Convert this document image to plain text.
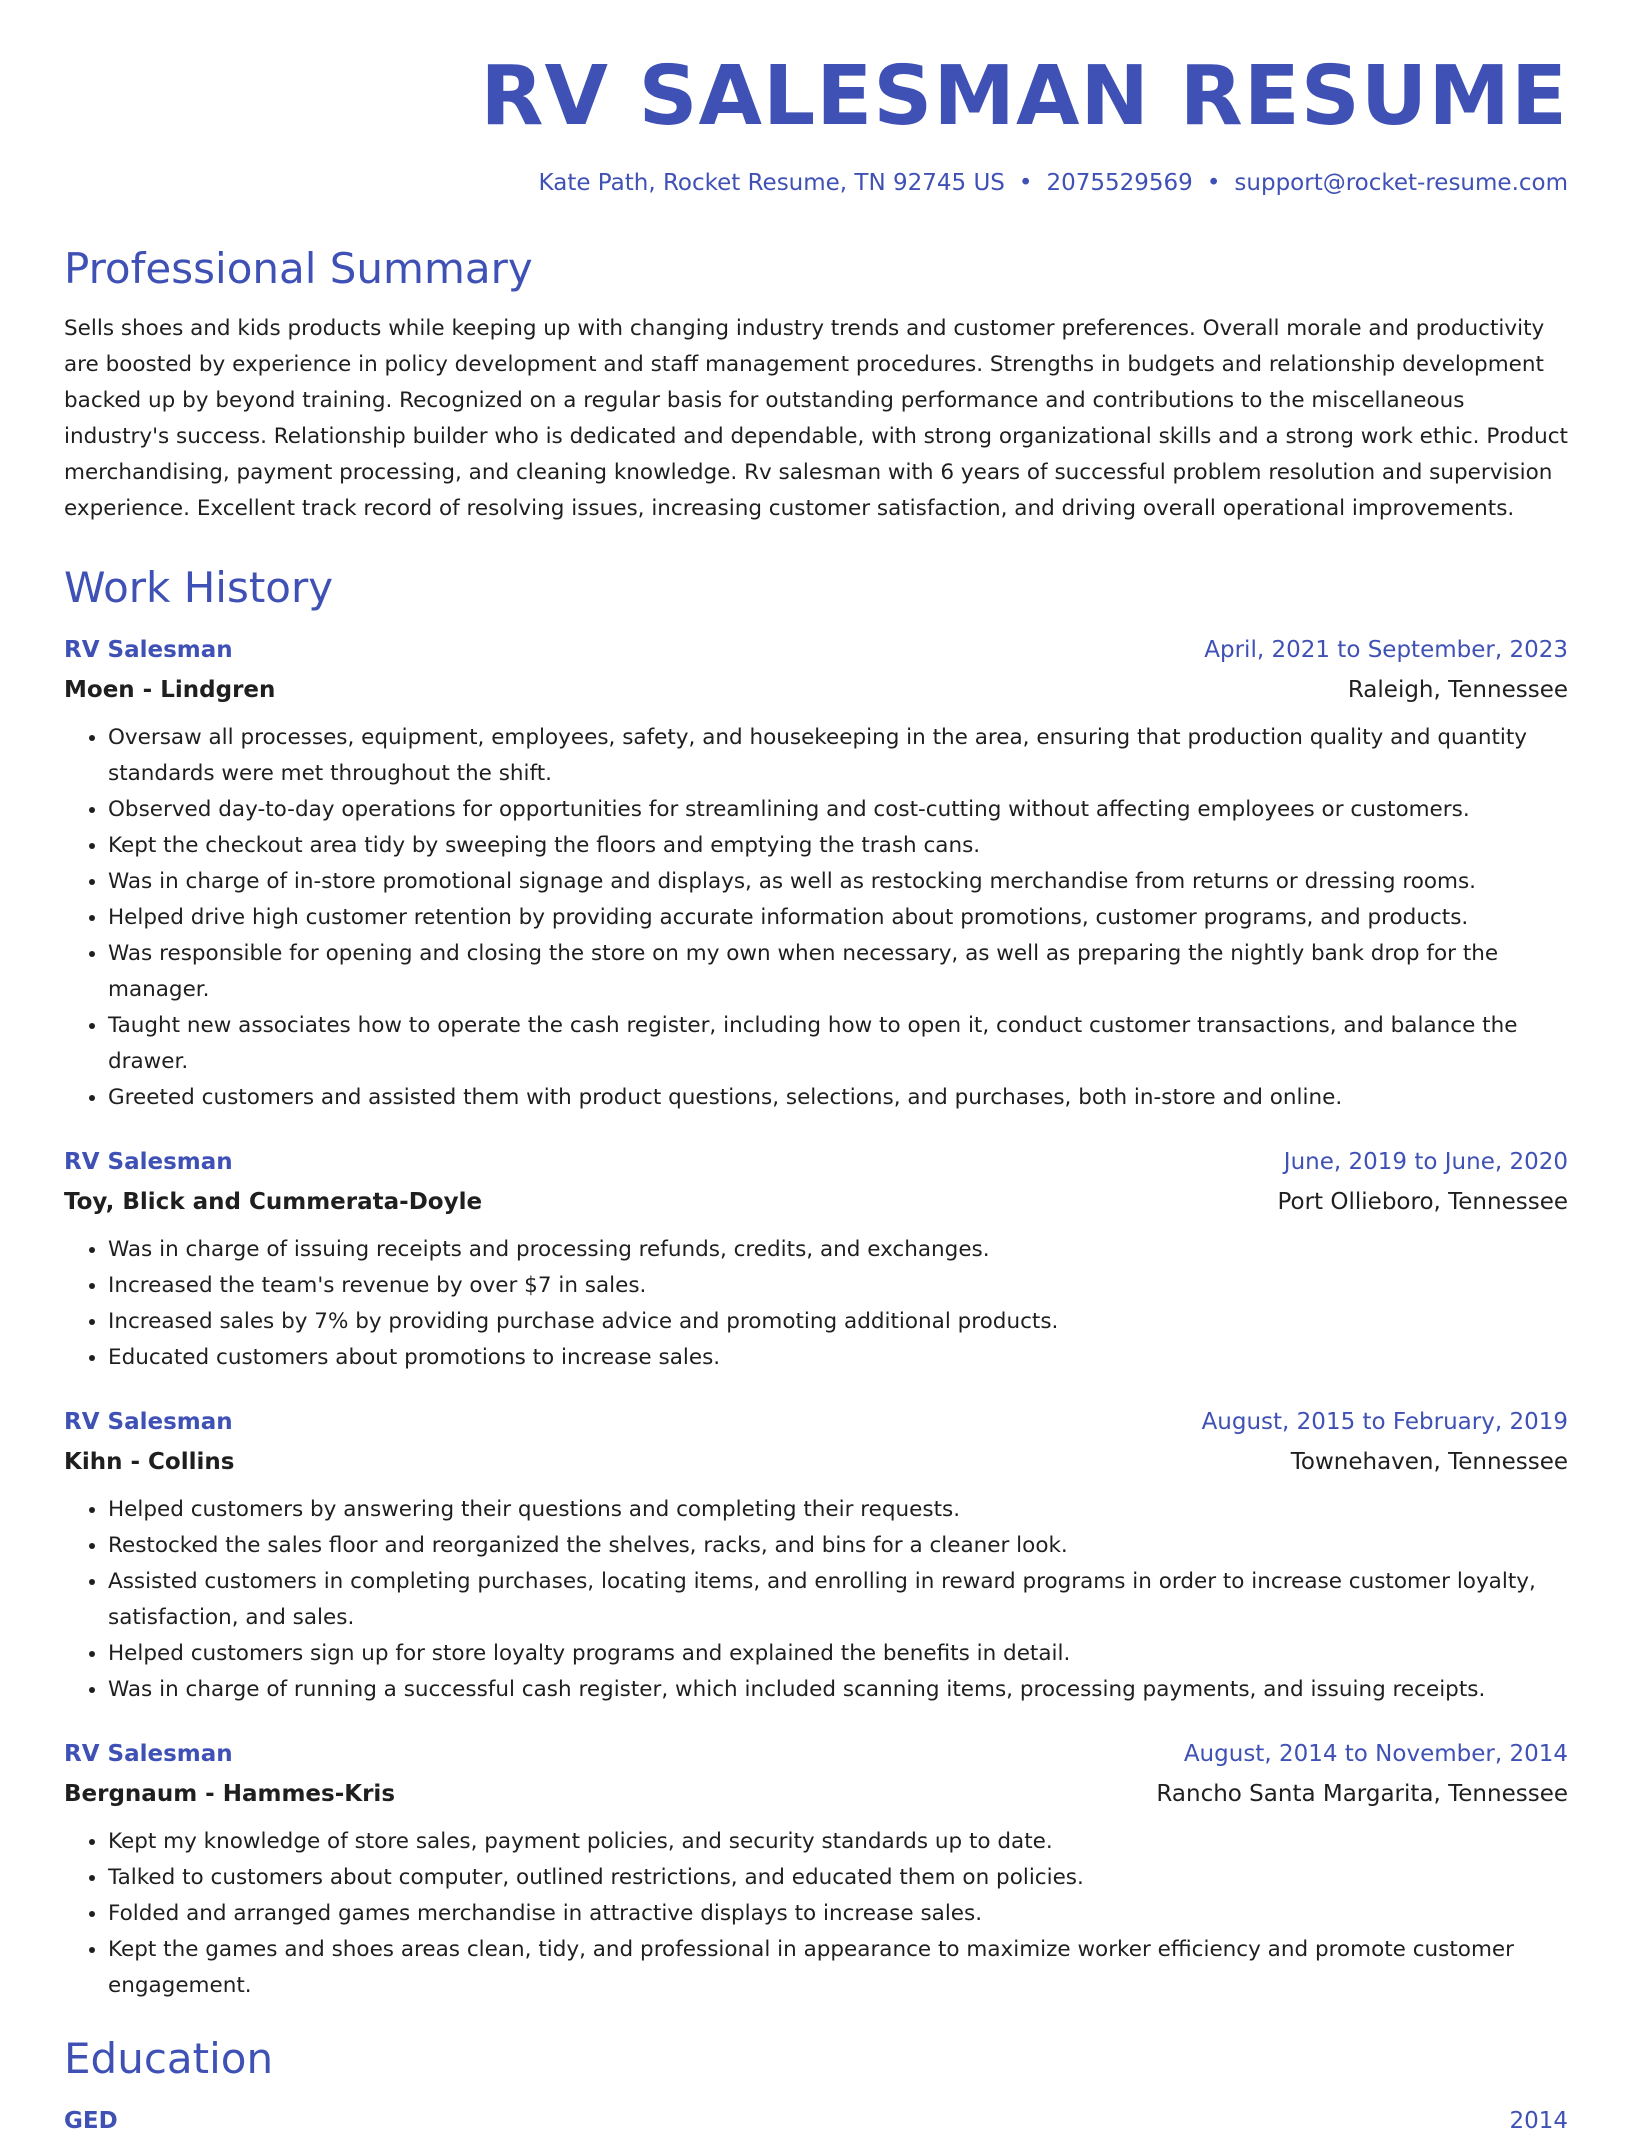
RV SALESMAN RESUME
Kate Path, Rocket Resume, TN 92745 US • 2075529569 • support@rocket-resume.com
Professional Summary

Sells shoes and kids products while keeping up with changing industry trends and customer preferences. Overall morale and productivity are boosted by experience in policy development and staff management procedures. Strengths in budgets and relationship development backed up by beyond training. Recognized on a regular basis for outstanding performance and contributions to the miscellaneous industry's success. Relationship builder who is dedicated and dependable, with strong organizational skills and a strong work ethic. Product merchandising, payment processing, and cleaning knowledge. Rv salesman with 6 years of successful problem resolution and supervision experience. Excellent track record of resolving issues, increasing customer satisfaction, and driving overall operational improvements.

Work History
RV Salesman	April, 2021 to September, 2023
Moen - Lindgren	Raleigh, Tennessee
• Oversaw all processes, equipment, employees, safety, and housekeeping in the area, ensuring that production quality and quantity standards were met throughout the shift.
• Observed day-to-day operations for opportunities for streamlining and cost-cutting without affecting employees or customers.
• Kept the checkout area tidy by sweeping the floors and emptying the trash cans.
• Was in charge of in-store promotional signage and displays, as well as restocking merchandise from returns or dressing rooms.
• Helped drive high customer retention by providing accurate information about promotions, customer programs, and products.
• Was responsible for opening and closing the store on my own when necessary, as well as preparing the nightly bank drop for the manager.
• Taught new associates how to operate the cash register, including how to open it, conduct customer transactions, and balance the drawer.
• Greeted customers and assisted them with product questions, selections, and purchases, both in-store and online.
RV Salesman	June, 2019 to June, 2020
Toy, Blick and Cummerata-Doyle	Port Ollieboro, Tennessee
• Was in charge of issuing receipts and processing refunds, credits, and exchanges.
• Increased the team's revenue by over $7 in sales.
• Increased sales by 7% by providing purchase advice and promoting additional products.
• Educated customers about promotions to increase sales.
RV Salesman	August, 2015 to February, 2019
Kihn - Collins	Townehaven, Tennessee
• Helped customers by answering their questions and completing their requests.
• Restocked the sales floor and reorganized the shelves, racks, and bins for a cleaner look.
• Assisted customers in completing purchases, locating items, and enrolling in reward programs in order to increase customer loyalty, satisfaction, and sales.
• Helped customers sign up for store loyalty programs and explained the benefits in detail.
• Was in charge of running a successful cash register, which included scanning items, processing payments, and issuing receipts.
RV Salesman	August, 2014 to November, 2014
Bergnaum - Hammes-Kris	Rancho Santa Margarita, Tennessee
• Kept my knowledge of store sales, payment policies, and security standards up to date.
• Talked to customers about computer, outlined restrictions, and educated them on policies.
• Folded and arranged games merchandise in attractive displays to increase sales.
• Kept the games and shoes areas clean, tidy, and professional in appearance to maximize worker efficiency and promote customer engagement.
Education
GED	2014
